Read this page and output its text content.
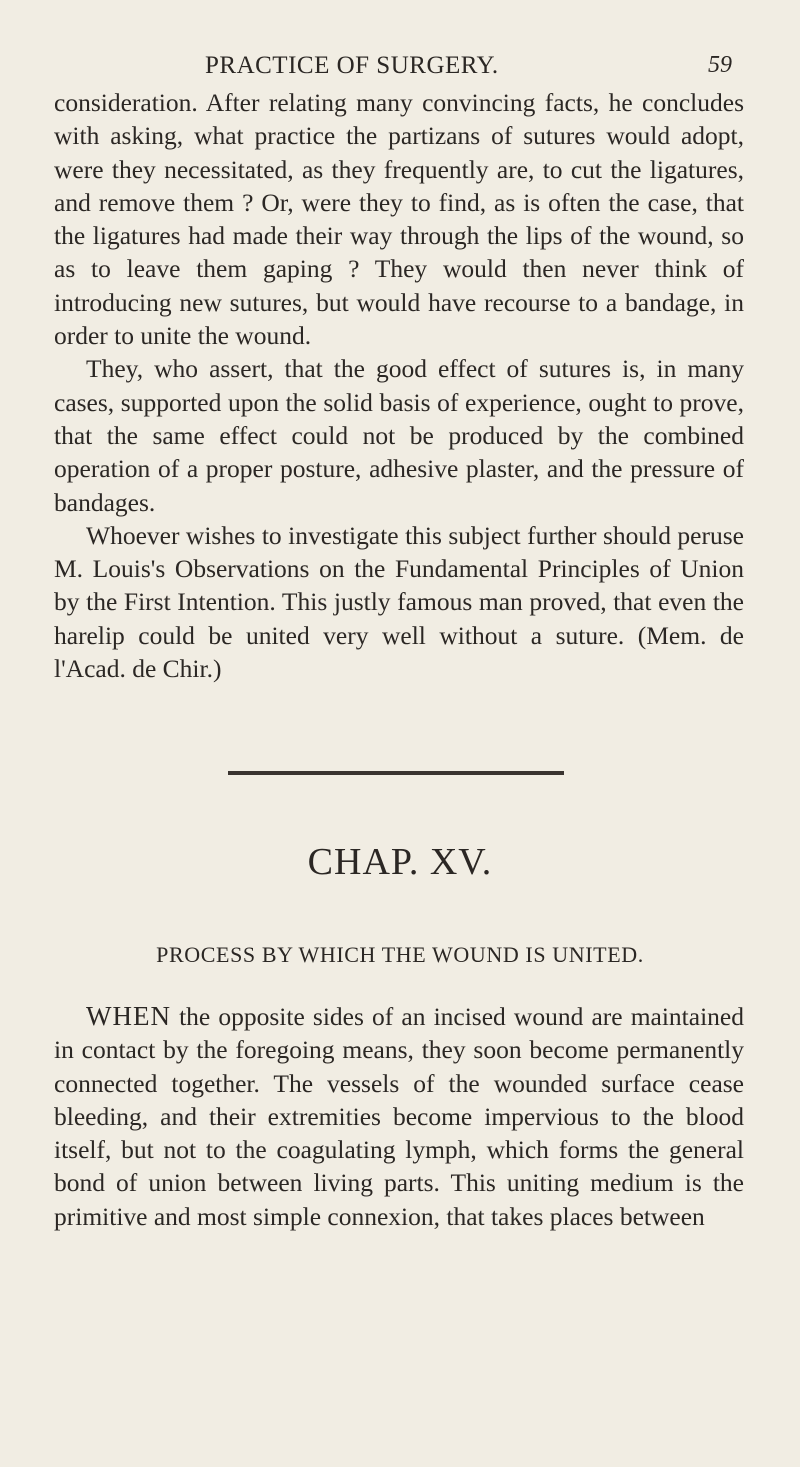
PRACTICE OF SURGERY.	59

consideration. After relating many convincing facts, he concludes with asking, what practice the partizans of sutures would adopt, were they necessitated, as they frequently are, to cut the ligatures, and remove them ? Or, were they to find, as is often the case, that the ligatures had made their way through the lips of the wound, so as to leave them gaping ? They would then never think of introducing new sutures, but would have recourse to a bandage, in order to unite the wound.

They, who assert, that the good effect of sutures is, in many cases, supported upon the solid basis of experience, ought to prove, that the same effect could not be produced by the combined operation of a proper posture, adhesive plaster, and the pressure of bandages.

Whoever wishes to investigate this subject further should peruse M. Louis's Observations on the Fundamental Principles of Union by the First Intention. This justly famous man proved, that even the harelip could be united very well without a suture. (Mem. de l'Acad. de Chir.)

CHAP. XV.
PROCESS BY WHICH THE WOUND IS UNITED.

WHEN the opposite sides of an incised wound are maintained in contact by the foregoing means, they soon become permanently connected together. The vessels of the wounded surface cease bleeding, and their extremities become impervious to the blood itself, but not to the coagulating lymph, which forms the general bond of union between living parts. This uniting medium is the primitive and most simple connexion, that takes places between
